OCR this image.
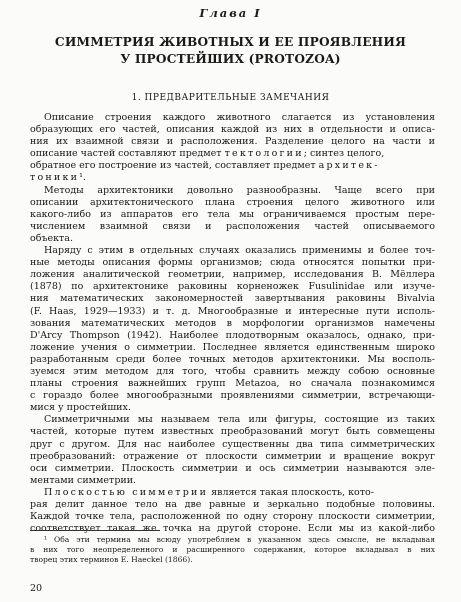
Глава I
СИММЕТРИЯ ЖИВОТНЫХ И ЕЕ ПРОЯВЛЕНИЯ
У ПРОСТЕЙШИХ (PROTOZOA)
1. ПРЕДВАРИТЕЛЬНЫЕ ЗАМЕЧАНИЯ
Описание строения каждого животного слагается из установления
образующих его частей, описания каждой из них в отдельности и описа-
ния их взаимной связи и расположения. Разделение целого на части и
описание частей составляют предмет тектологии; синтез целого,
обратное его построение из частей, составляет предмет архитек-
тоники¹.
Методы архитектоники довольно разнообразны. Чаще всего при
описании архитектонического плана строения целого животного или
какого-либо из аппаратов его тела мы ограничиваемся простым пере-
числением взаимной связи и расположения частей описываемого
объекта.
Наряду с этим в отдельных случаях оказались применимы и более точ-
ные методы описания формы организмов; сюда относятся попытки при-
ложения аналитической геометрии, например, исследования В. Мёллера
(1878) по архитектонике раковины корненожек Fusulinidae или изуче-
ния математических закономерностей завертывания раковины Bivalvia
(F. Haas, 1929—1933) и т. д. Многообразные и интересные пути исполь-
зования математических методов в морфологии организмов намечены
D'Arcy Thompson (1942). Наиболее плодотворным оказалось, однако, при-
ложение учения о симметрии. Последнее является единственным широко
разработанным среди более точных методов архитектоники. Мы восполь-
зуемся этим методом для того, чтобы сравнить между собою основные
планы строения важнейших групп Metazoa, но сначала познакомимся
с гораздо более многообразными проявлениями симметрии, встречающи-
мися у простейших.
Симметричными мы называем тела или фигуры, состоящие из таких
частей, которые путем известных преобразований могут быть совмещены
друг с другом. Для нас наиболее существенны два типа симметрических
преобразований: отражение от плоскости симметрии и вращение вокруг
оси симметрии. Плоскость симметрии и ось симметрии называются эле-
ментами симметрии.
Плоскостью симметрии является такая плоскость, кото-
рая делит данное тело на две равные и зеркально подобные половины.
Каждой точке тела, расположенной по одну сторону плоскости симметрии,
соответствует такая же точка на другой стороне. Если мы из какой-либо
¹ Оба эти термина мы всюду употребляем в указанном здесь смысле, не вкладывая
в них того неопределенного и расширенного содержания, которое вкладывал в них
творец этих терминов Е. Haeckel (1866).
20
